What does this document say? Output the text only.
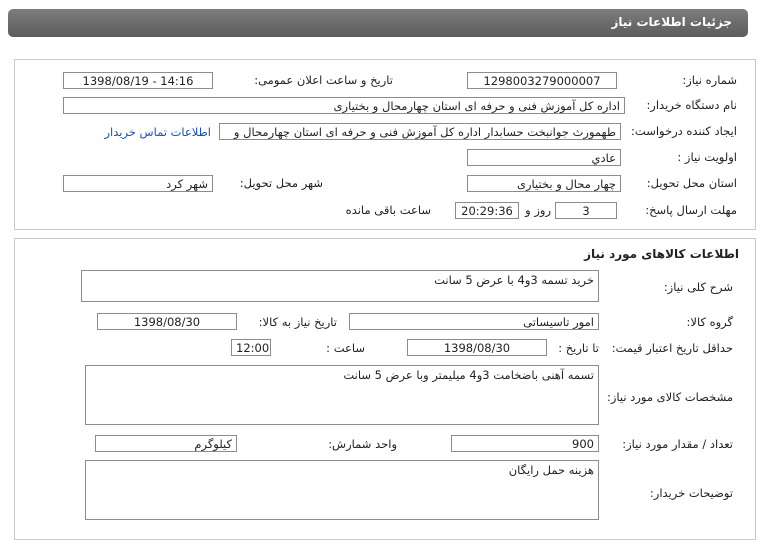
جزئیات اطلاعات نیاز
شماره نیاز:
1298003279000007
تاریخ و ساعت اعلان عمومی:
1398/08/19 - 14:16
نام دستگاه خریدار:
اداره کل آموزش فنی و حرفه ای استان چهارمحال و بختیاری
ایجاد کننده درخواست:
طهمورث جوانبخت حسابدار اداره کل آموزش فنی و حرفه ای استان چهارمحال و
اطلاعات تماس خریدار
اولویت نیاز :
عادي
استان محل تحویل:
چهار محال و بختیاری
شهر محل تحویل:
شهر کرد
مهلت ارسال پاسخ:
3
روز و
20:29:36
ساعت باقی مانده
اطلاعات کالاهای مورد نیاز
شرح کلی نیاز:
خرید تسمه 3و4 با عرض 5 سانت
گروه کالا:
امور تاسیساتی
تاریخ نیاز به کالا:
1398/08/30
حداقل تاریخ اعتبار قیمت:
تا تاریخ :
1398/08/30
ساعت :
12:00
مشخصات کالای مورد نیاز:
تسمه آهنی باضخامت 3و4 میلیمتر وبا عرض 5 سانت
تعداد / مقدار مورد نیاز:
900
واحد شمارش:
کیلوگرم
توضیحات خریدار:
هزینه حمل رایگان
